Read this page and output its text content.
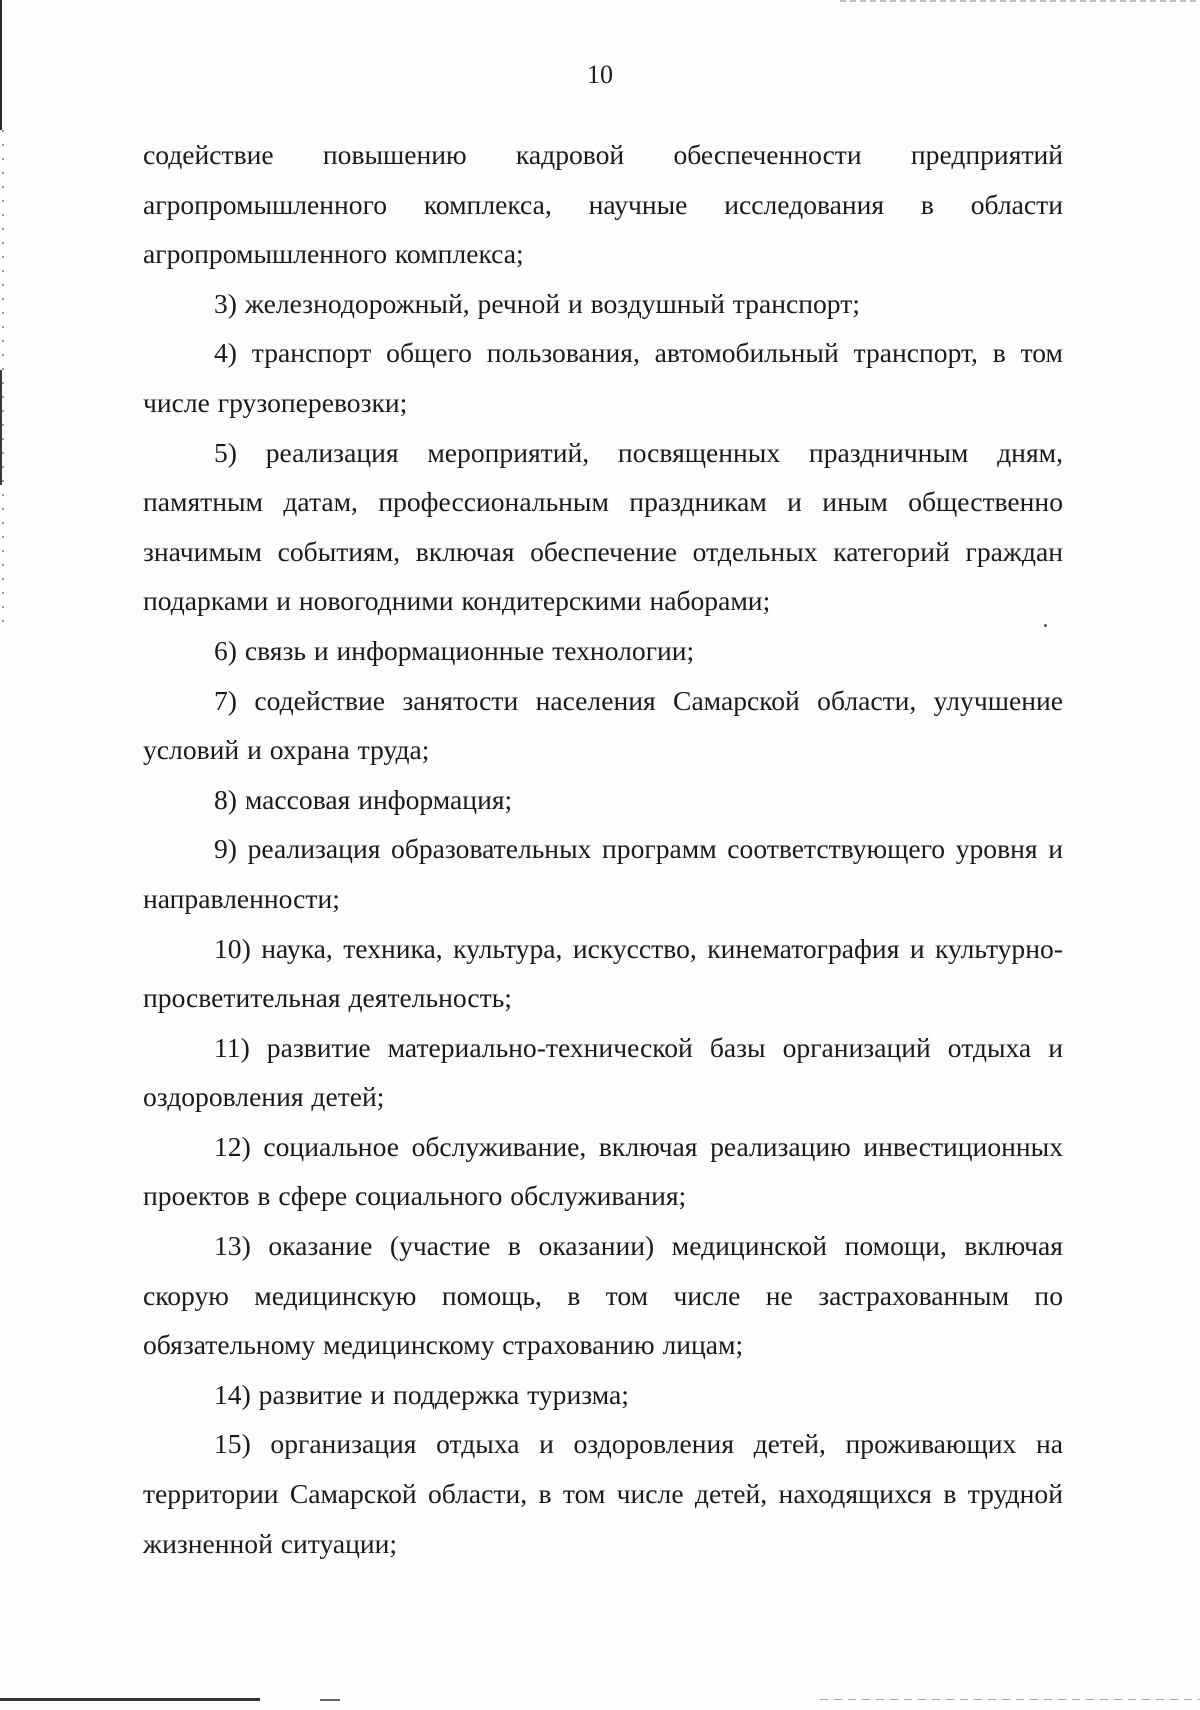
10

содействие повышению кадровой обеспеченности предприятий агропромышленного комплекса, научные исследования в области агропромышленного комплекса;

3) железнодорожный, речной и воздушный транспорт;

4) транспорт общего пользования, автомобильный транспорт, в том числе грузоперевозки;

5) реализация мероприятий, посвященных праздничным дням, памятным датам, профессиональным праздникам и иным общественно значимым событиям, включая обеспечение отдельных категорий граждан подарками и новогодними кондитерскими наборами;

6) связь и информационные технологии;

7) содействие занятости населения Самарской области, улучшение условий и охрана труда;

8) массовая информация;

9) реализация образовательных программ соответствующего уровня и направленности;

10) наука, техника, культура, искусство, кинематография и культурно-просветительная деятельность;

11) развитие материально-технической базы организаций отдыха и оздоровления детей;

12) социальное обслуживание, включая реализацию инвестиционных проектов в сфере социального обслуживания;

13) оказание (участие в оказании) медицинской помощи, включая скорую медицинскую помощь, в том числе не застрахованным по обязательному медицинскому страхованию лицам;

14) развитие и поддержка туризма;

15) организация отдыха и оздоровления детей, проживающих на территории Самарской области, в том числе детей, находящихся в трудной жизненной ситуации;
